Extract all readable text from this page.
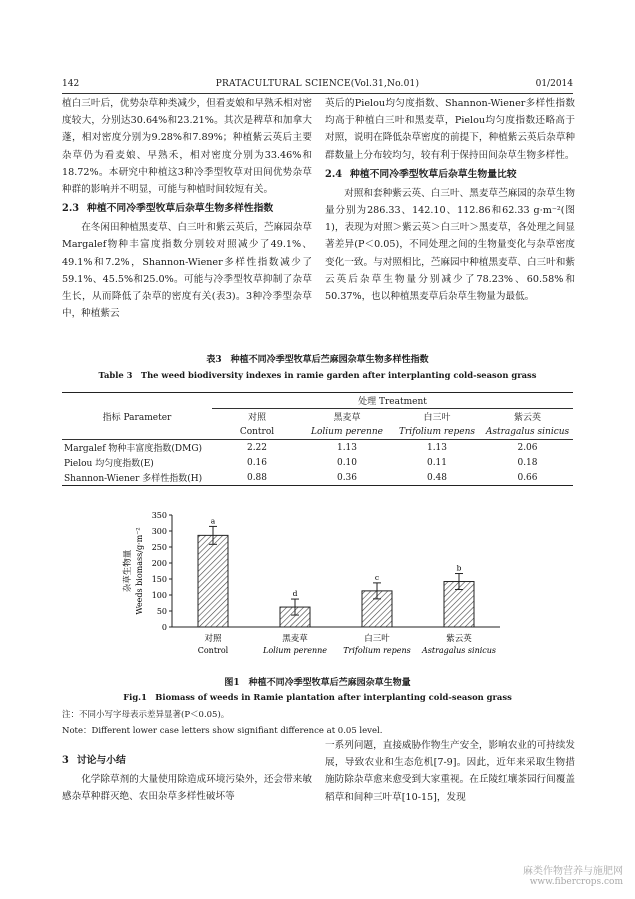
142	PRATACULTURAL SCIENCE(Vol.31,No.01)	01/2014

植白三叶后，优势杂草种类减少，但看麦娘和早熟禾相对密度较大，分别达30.64%和23.21%。其次是稗草和加拿大蓬，相对密度分别为9.28%和7.89%；种植紫云英后主要杂草仍为看麦娘、早熟禾，相对密度分别为33.46%和18.72%。本研究中种植这3种冷季型牧草对田间优势杂草种群的影响并不明显，可能与种植时间较短有关。

2.3 种植不同冷季型牧草后杂草生物多样性指数

在冬闲田种植黑麦草、白三叶和紫云英后，苎麻园杂草Margalef物种丰富度指数分别较对照减少了49.1%、49.1%和7.2%，Shannon-Wiener多样性指数减少了59.1%、45.5%和25.0%。可能与冷季型牧草抑制了杂草生长，从而降低了杂草的密度有关(表3)。3种冷季型杂草中，种植紫云

英后的Pielou均匀度指数、Shannon-Wiener多样性指数均高于种植白三叶和黑麦草，Pielou均匀度指数还略高于对照，说明在降低杂草密度的前提下，种植紫云英后杂草种群数量上分布较均匀，较有利于保持田间杂草生物多样性。

2.4 种植不同冷季型牧草后杂草生物量比较

对照和套种紫云英、白三叶、黑麦草苎麻园的杂草生物量分别为286.33、142.10、112.86和62.33 g·m⁻²(图1)，表现为对照＞紫云英＞白三叶＞黑麦草，各处理之间显著差异(P＜0.05)，不同处理之间的生物量变化与杂草密度变化一致。与对照相比，苎麻园中种植黑麦草、白三叶和紫云英后杂草生物量分别减少了78.23%、60.58%和50.37%，也以种植黑麦草后杂草生物量为最低。

表3　种植不同冷季型牧草后苎麻园杂草生物多样性指数
Table 3　The weed biodiversity indexes in ramie garden after interplanting cold-season grass
指标 Parameter	处理 Treatment			
	对照	黑麦草	白三叶	紫云英
	Control	Lolium perenne	Trifolium repens	Astragalus sinicus
Margalef 物种丰富度指数(DMG)	2.22	1.13	1.13	2.06
Pielou 均匀度指数(E)	0.16	0.10	0.11	0.18
Shannon-Wiener 多样性指数(H)	0.88	0.36	0.48	0.66
0
50
100
150
200
250
300
350
a
对照
Control
d
黑麦草
Lolium perenne
c
白三叶
Trifolium repens
b
紫云英
Astragalus sinicus
杂草生物量 Weeds biomass/g·m⁻²
图1　种植不同冷季型牧草后苎麻园杂草生物量
Fig.1　Biomass of weeds in Ramie plantation after interplanting cold-season grass
注：不同小写字母表示差异显著(P＜0.05)。
Note：Different lower case letters show signifiant difference at 0.05 level.
3 讨论与小结

化学除草剂的大量使用除造成环境污染外，还会带来敏感杂草种群灭绝、农田杂草多样性破坏等

一系列问题，直接威胁作物生产安全，影响农业的可持续发展，导致农业和生态危机[7-9]。因此，近年来采取生物措施防除杂草愈来愈受到大家重视。在丘陵红壤茶园行间覆盖稻草和间种三叶草[10-15]，发现

麻类作物营养与施肥网
www.fibercrops.com
